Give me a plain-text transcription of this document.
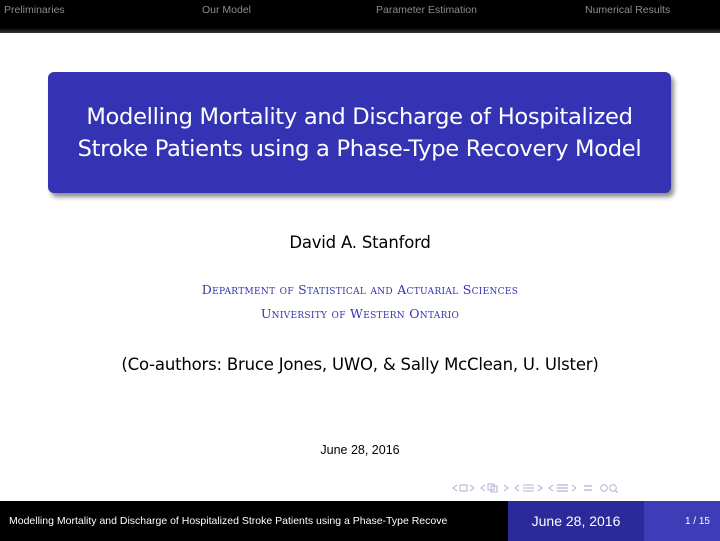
Preliminaries	Our Model	Parameter Estimation	Numerical Results
Modelling Mortality and Discharge of Hospitalized Stroke Patients using a Phase-Type Recovery Model
David A. Stanford
Department of Statistical and Actuarial Sciences
University of Western Ontario
(Co-authors: Bruce Jones, UWO, & Sally McClean, U. Ulster)
June 28, 2016
Modelling Mortality and Discharge of Hospitalized Stroke Patients using a Phase-Type Recove	June 28, 2016	1 / 15
